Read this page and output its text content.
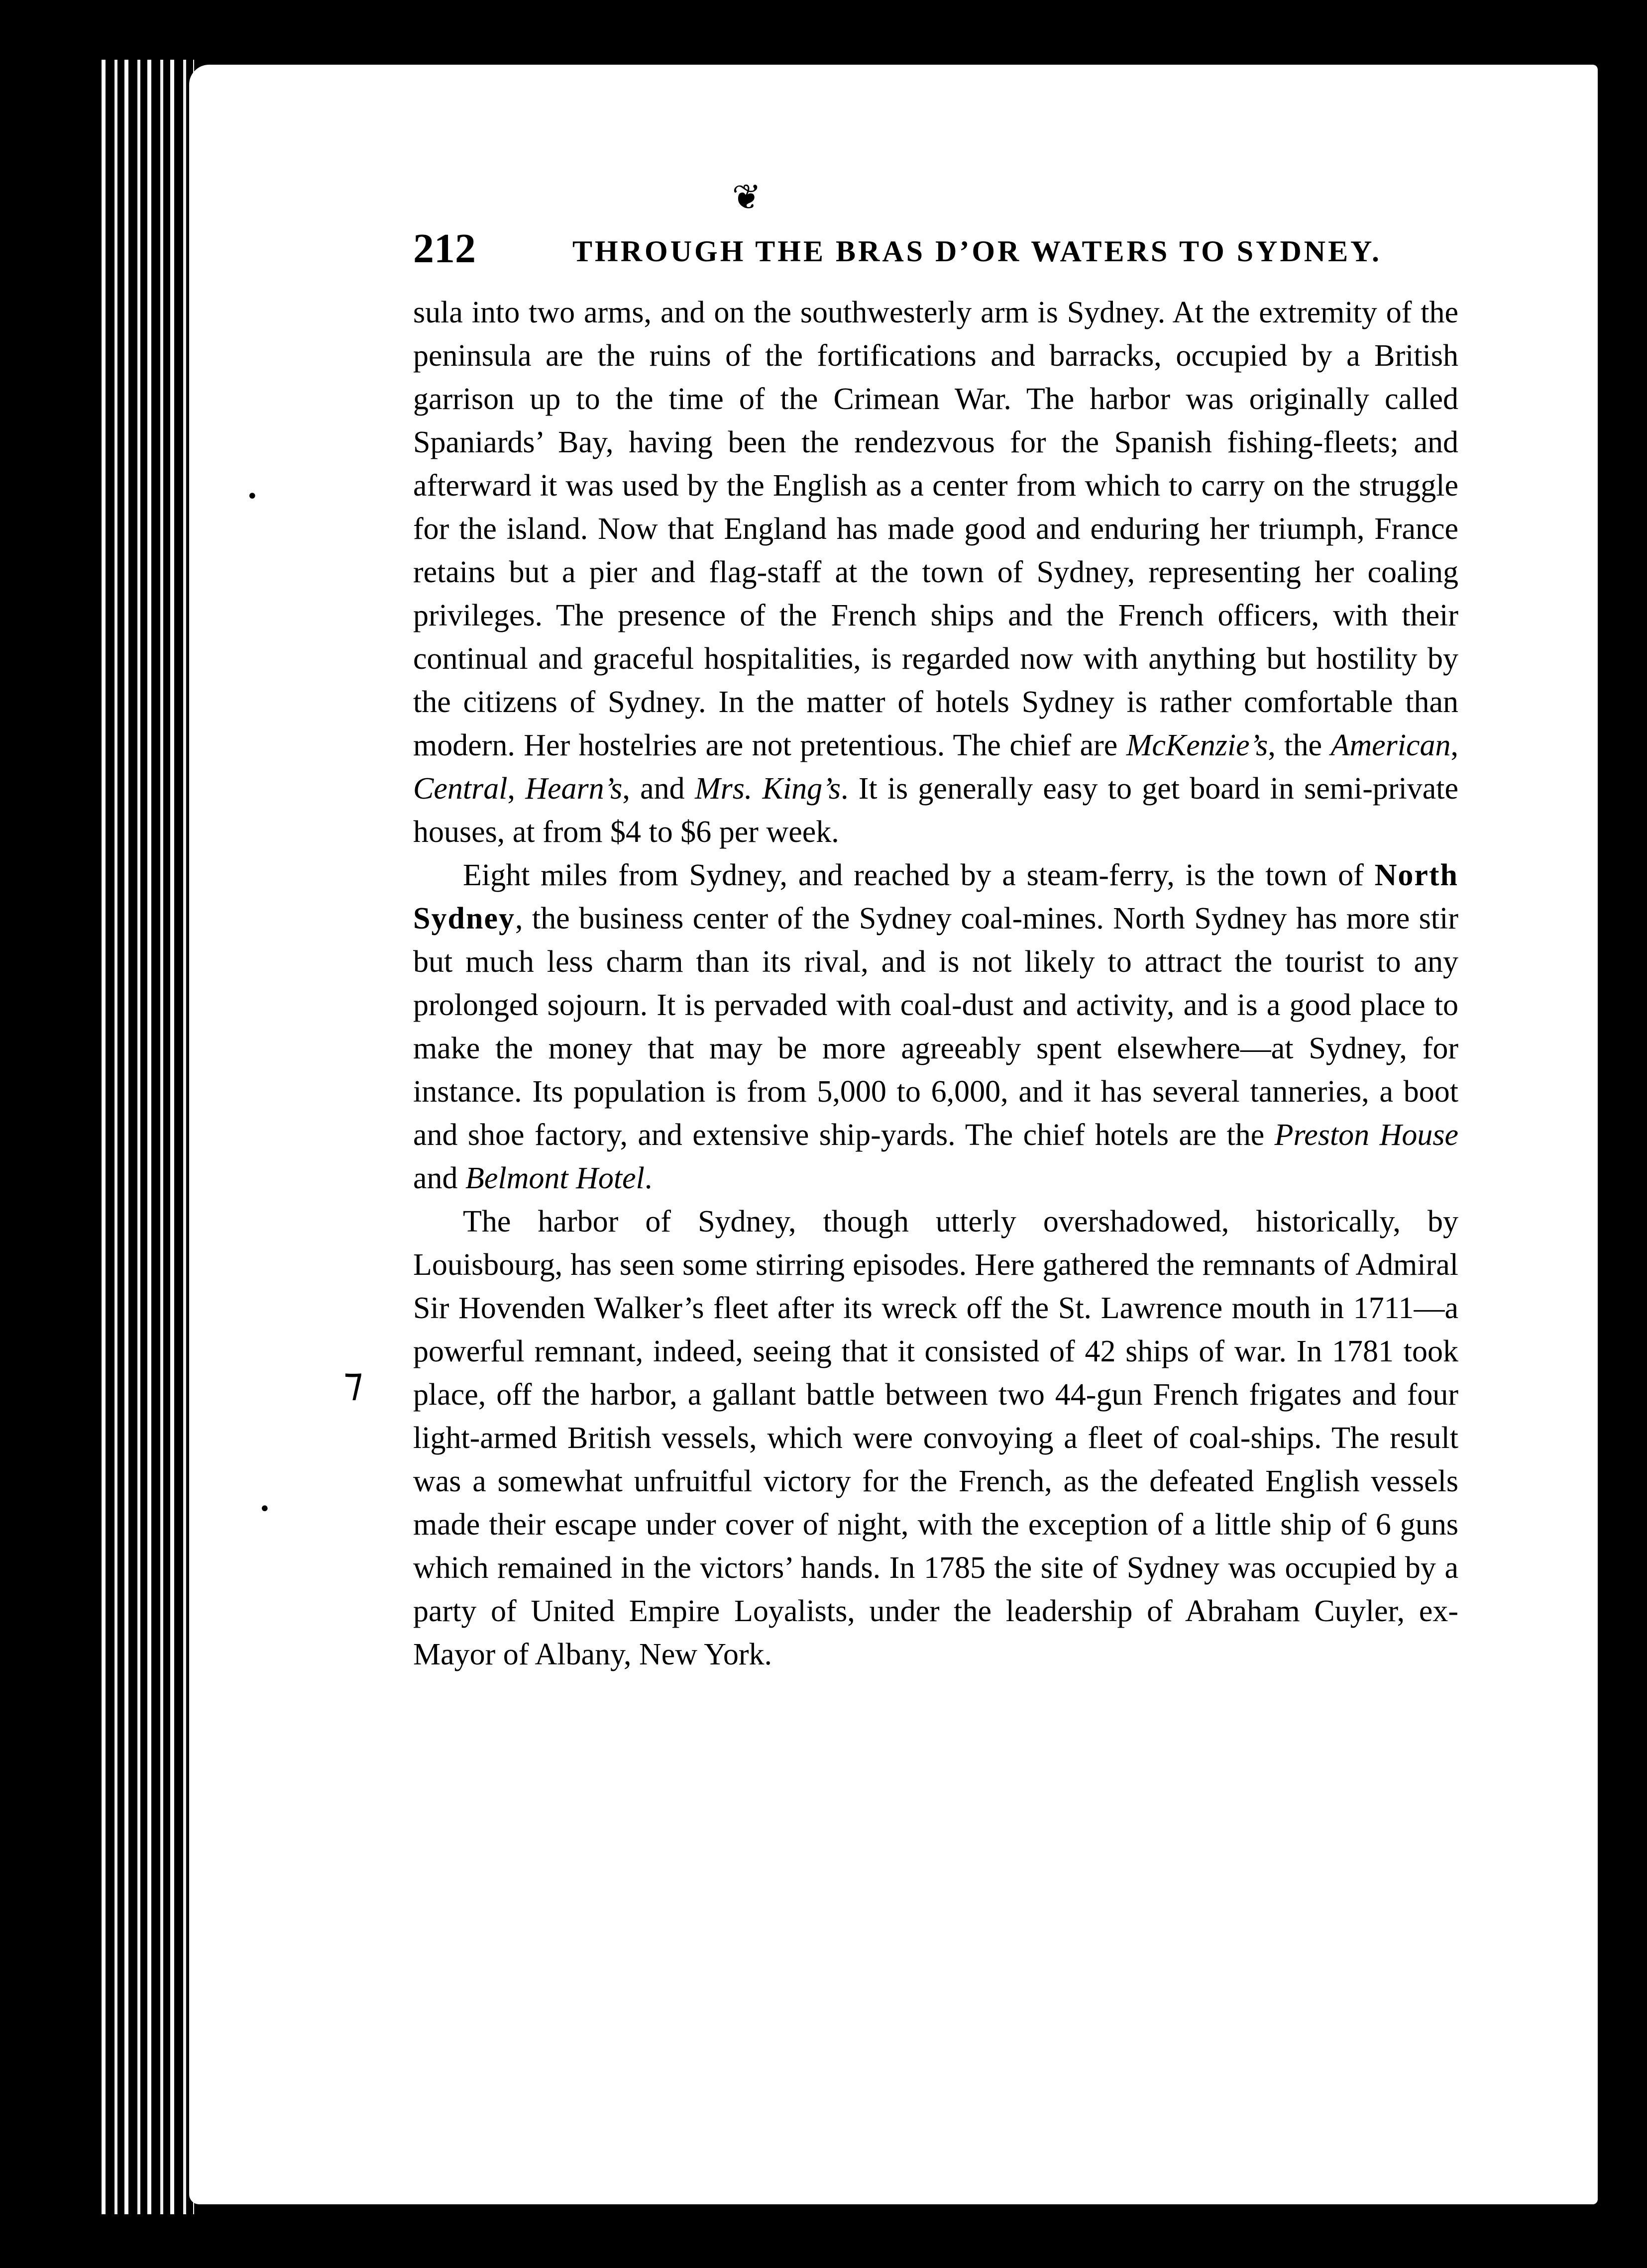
❦
212	THROUGH THE BRAS D’OR WATERS TO SYDNEY.

sula into two arms, and on the southwesterly arm is Sydney. At the extremity of the peninsula are the ruins of the fortifications and barracks, occupied by a British garrison up to the time of the Crimean War. The harbor was originally called Spaniards’ Bay, having been the rendezvous for the Spanish fishing-fleets; and afterward it was used by the English as a center from which to carry on the struggle for the island. Now that England has made good and enduring her triumph, France retains but a pier and flag-staff at the town of Sydney, representing her coaling privileges. The presence of the French ships and the French officers, with their continual and graceful hospitalities, is regarded now with anything but hostility by the citizens of Sydney. In the matter of hotels Sydney is rather comfortable than modern. Her hostelries are not pretentious. The chief are McKenzie’s, the American, Central, Hearn’s, and Mrs. King’s. It is generally easy to get board in semi-private houses, at from $4 to $6 per week.

Eight miles from Sydney, and reached by a steam-ferry, is the town of North Sydney, the business center of the Sydney coal-mines. North Sydney has more stir but much less charm than its rival, and is not likely to attract the tourist to any prolonged sojourn. It is pervaded with coal-dust and activity, and is a good place to make the money that may be more agreeably spent elsewhere—at Sydney, for instance. Its population is from 5,000 to 6,000, and it has several tanneries, a boot and shoe factory, and extensive ship-yards. The chief hotels are the Preston House and Belmont Hotel.

The harbor of Sydney, though utterly overshadowed, historically, by Louisbourg, has seen some stirring episodes. Here gathered the remnants of Admiral Sir Hovenden Walker’s fleet after its wreck off the St. Lawrence mouth in 1711—a powerful remnant, indeed, seeing that it consisted of 42 ships of war. In 1781 took place, off the harbor, a gallant battle between two 44-gun French frigates and four light-armed British vessels, which were convoying a fleet of coal-ships. The result was a somewhat unfruitful victory for the French, as the defeated English vessels made their escape under cover of night, with the exception of a little ship of 6 guns which remained in the victors’ hands. In 1785 the site of Sydney was occupied by a party of United Empire Loyalists, under the leadership of Abraham Cuyler, ex-Mayor of Albany, New York.

•
•
⁊
